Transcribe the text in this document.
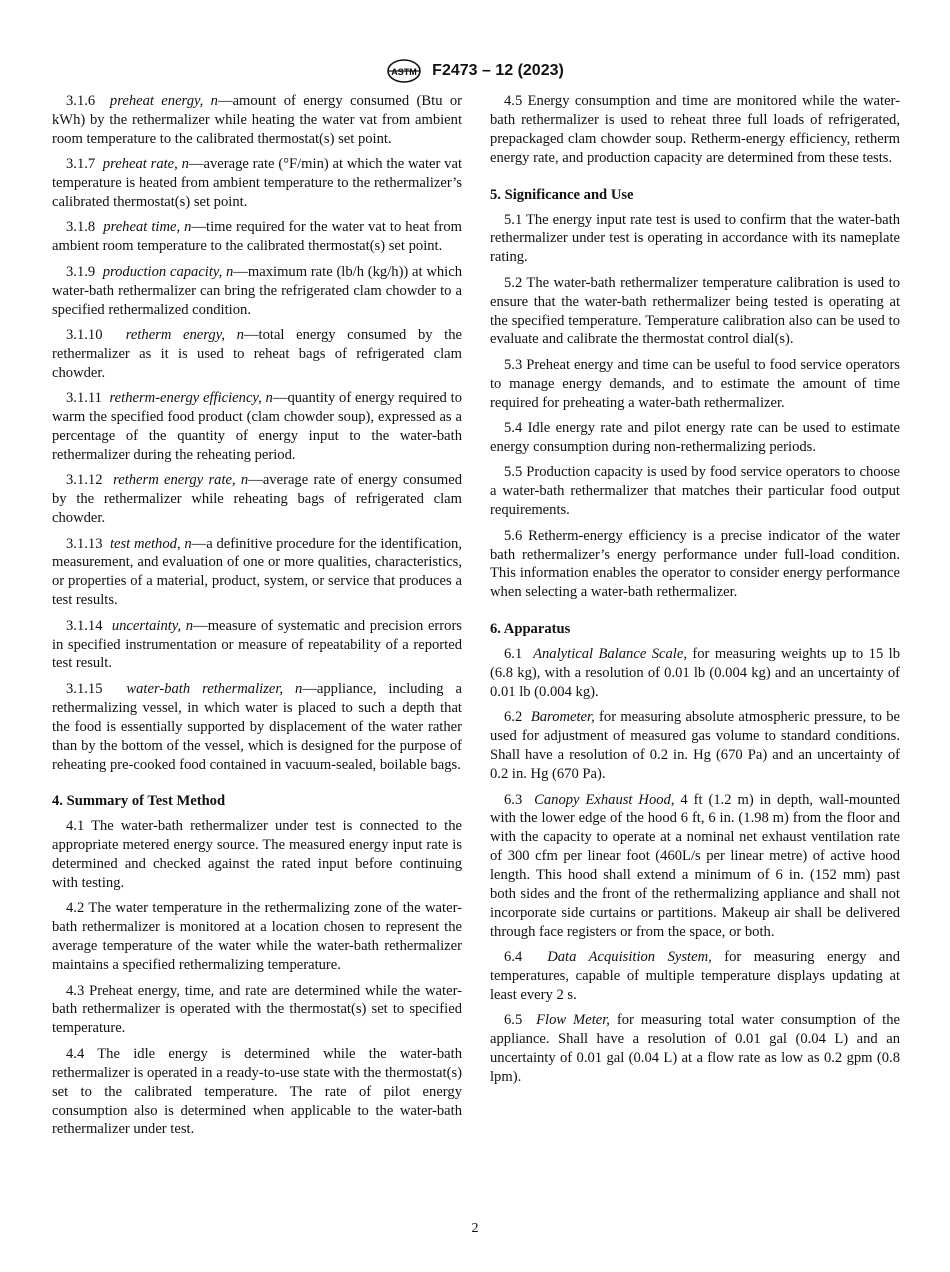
ASTM F2473 – 12 (2023)

3.1.6 preheat energy, n—amount of energy consumed (Btu or kWh) by the rethermalizer while heating the water vat from ambient room temperature to the calibrated thermostat(s) set point.

3.1.7 preheat rate, n—average rate (°F/min) at which the water vat temperature is heated from ambient temperature to the rethermalizer’s calibrated thermostat(s) set point.

3.1.8 preheat time, n—time required for the water vat to heat from ambient room temperature to the calibrated thermostat(s) set point.

3.1.9 production capacity, n—maximum rate (lb/h (kg/h)) at which water-bath rethermalizer can bring the refrigerated clam chowder to a specified rethermalized condition.

3.1.10 retherm energy, n—total energy consumed by the rethermalizer as it is used to reheat bags of refrigerated clam chowder.

3.1.11 retherm-energy efficiency, n—quantity of energy required to warm the specified food product (clam chowder soup), expressed as a percentage of the quantity of energy input to the water-bath rethermalizer during the reheating period.

3.1.12 retherm energy rate, n—average rate of energy consumed by the rethermalizer while reheating bags of refrigerated clam chowder.

3.1.13 test method, n—a definitive procedure for the identification, measurement, and evaluation of one or more qualities, characteristics, or properties of a material, product, system, or service that produces a test results.

3.1.14 uncertainty, n—measure of systematic and precision errors in specified instrumentation or measure of repeatability of a reported test result.

3.1.15 water-bath rethermalizer, n—appliance, including a rethermalizing vessel, in which water is placed to such a depth that the food is essentially supported by displacement of the water rather than by the bottom of the vessel, which is designed for the purpose of reheating pre-cooked food contained in vacuum-sealed, boilable bags.

4. Summary of Test Method

4.1 The water-bath rethermalizer under test is connected to the appropriate metered energy source. The measured energy input rate is determined and checked against the rated input before continuing with testing.

4.2 The water temperature in the rethermalizing zone of the water-bath rethermalizer is monitored at a location chosen to represent the average temperature of the water while the water-bath rethermalizer maintains a specified rethermalizing temperature.

4.3 Preheat energy, time, and rate are determined while the water-bath rethermalizer is operated with the thermostat(s) set to specified temperature.

4.4 The idle energy is determined while the water-bath rethermalizer is operated in a ready-to-use state with the thermostat(s) set to the calibrated temperature. The rate of pilot energy consumption also is determined when applicable to the water-bath rethermalizer under test.

4.5 Energy consumption and time are monitored while the water-bath rethermalizer is used to reheat three full loads of refrigerated, prepackaged clam chowder soup. Retherm-energy efficiency, retherm energy rate, and production capacity are determined from these tests.

5. Significance and Use

5.1 The energy input rate test is used to confirm that the water-bath rethermalizer under test is operating in accordance with its nameplate rating.

5.2 The water-bath rethermalizer temperature calibration is used to ensure that the water-bath rethermalizer being tested is operating at the specified temperature. Temperature calibration also can be used to evaluate and calibrate the thermostat control dial(s).

5.3 Preheat energy and time can be useful to food service operators to manage energy demands, and to estimate the amount of time required for preheating a water-bath rethermalizer.

5.4 Idle energy rate and pilot energy rate can be used to estimate energy consumption during non-rethermalizing periods.

5.5 Production capacity is used by food service operators to choose a water-bath rethermalizer that matches their particular food output requirements.

5.6 Retherm-energy efficiency is a precise indicator of the water bath rethermalizer’s energy performance under full-load condition. This information enables the operator to consider energy performance when selecting a water-bath rethermalizer.

6. Apparatus

6.1 Analytical Balance Scale, for measuring weights up to 15 lb (6.8 kg), with a resolution of 0.01 lb (0.004 kg) and an uncertainty of 0.01 lb (0.004 kg).

6.2 Barometer, for measuring absolute atmospheric pressure, to be used for adjustment of measured gas volume to standard conditions. Shall have a resolution of 0.2 in. Hg (670 Pa) and an uncertainty of 0.2 in. Hg (670 Pa).

6.3 Canopy Exhaust Hood, 4 ft (1.2 m) in depth, wall-mounted with the lower edge of the hood 6 ft, 6 in. (1.98 m) from the floor and with the capacity to operate at a nominal net exhaust ventilation rate of 300 cfm per linear foot (460L/s per linear metre) of active hood length. This hood shall extend a minimum of 6 in. (152 mm) past both sides and the front of the rethermalizing appliance and shall not incorporate side curtains or partitions. Makeup air shall be delivered through face registers or from the space, or both.

6.4 Data Acquisition System, for measuring energy and temperatures, capable of multiple temperature displays updating at least every 2 s.

6.5 Flow Meter, for measuring total water consumption of the appliance. Shall have a resolution of 0.01 gal (0.04 L) and an uncertainty of 0.01 gal (0.04 L) at a flow rate as low as 0.2 gpm (0.8 lpm).

2
